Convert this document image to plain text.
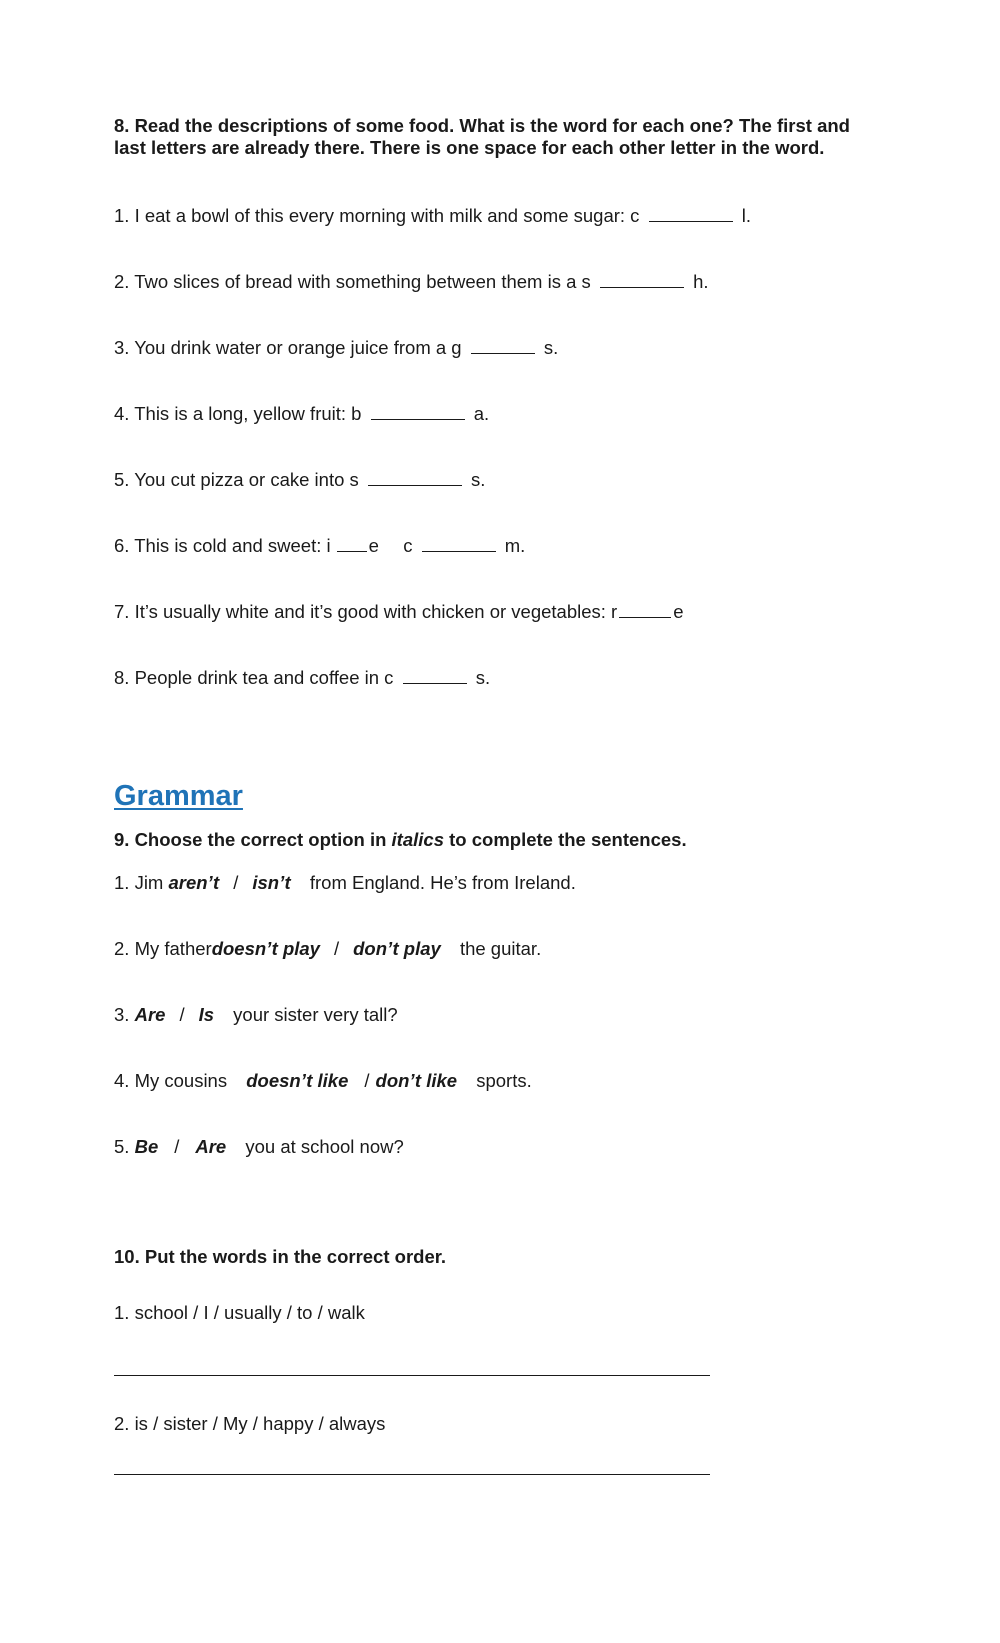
8. Read the descriptions of some food. What is the word for each one? The first and last letters are already there. There is one space for each other letter in the word.
1. I eat a bowl of this every morning with milk and some sugar: c	l.
2. Two slices of bread with something between them is a s	h.
3. You drink water or orange juice from a g	s.
4. This is a long, yellow fruit: b	a.
5. You cut pizza or cake into s	s.
6. This is cold and sweet: i e c	m.
7. It’s usually white and it’s good with chicken or vegetables: r	e
8. People drink tea and coffee in c	s.
Grammar
9. Choose the correct option in italics to complete the sentences.
1. Jim aren’t / isn’t from England. He’s from Ireland.
2. My fatherdoesn’t play / don’t play the guitar.
3. Are / Is your sister very tall?
4. My cousins doesn’t like / don’t like sports.
5. Be / Are you at school now?
10. Put the words in the correct order.
1. school / I / usually / to / walk
2. is / sister / My / happy / always
